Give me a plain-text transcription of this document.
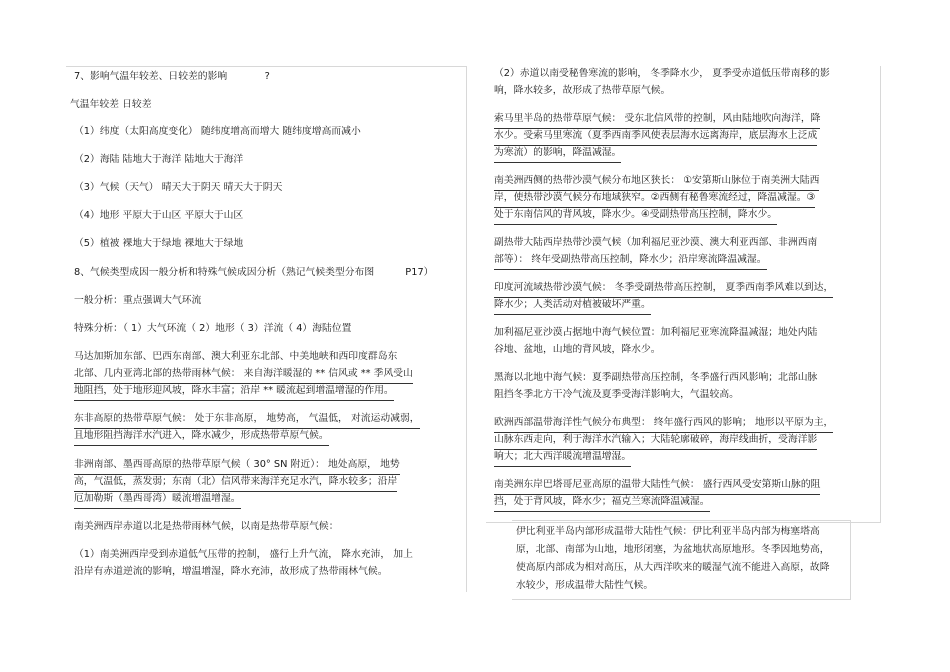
7、影响气温年较差、日较差的影响	?
气温年较差 日较差
（1）纬度（太阳高度变化） 随纬度增高而增大 随纬度增高而减小
（2）海陆 陆地大于海洋 陆地大于海洋
（3）气候（天气） 晴天大于阴天 晴天大于阴天
（4）地形 平原大于山区 平原大于山区
（5）植被 裸地大于绿地 裸地大于绿地
8、气候类型成因一般分析和特殊气候成因分析（熟记气候类型分布图	P17）
一般分析：重点强调大气环流
特殊分析：（ 1）大气环流（ 2）地形（ 3）洋流（ 4）海陆位置
马达加斯加东部、巴西东南部、澳大利亚东北部、中美地峡和西印度群岛东
北部、几内亚湾北部的热带雨林气候： 来自海洋暖湿的 ** 信风或 ** 季风受山
地阻挡，处于地形迎风坡，降水丰富；沿岸 ** 暖流起到增温增湿的作用。
东非高原的热带草原气候： 处于东非高原， 地势高， 气温低， 对流运动减弱，
且地形阻挡海洋水汽进入，降水减少，形成热带草原气候。
非洲南部、墨西哥高原的热带草原气候（ 30° SN 附近）： 地处高原， 地势
高，气温低，蒸发弱；东南（北）信风带来海洋充足水汽，降水较多；沿岸
厄加勒斯（墨西哥湾）暖流增温增湿。
南美洲西岸赤道以北是热带雨林气候，以南是热带草原气候：
（1）南美洲西岸受到赤道低气压带的控制， 盛行上升气流， 降水充沛， 加上
沿岸有赤道逆流的影响，增温增湿，降水充沛，故形成了热带雨林气候。
（2）赤道以南受秘鲁寒流的影响， 冬季降水少， 夏季受赤道低压带南移的影
响，降水较多，故形成了热带草原气候。
索马里半岛的热带草原气候： 受东北信风带的控制，风由陆地吹向海洋，降
水少。受索马里寒流（夏季西南季风使表层海水远离海岸，底层海水上泛成
为寒流）的影响，降温减湿。
南美洲西侧的热带沙漠气候分布地区狭长： ①安第斯山脉位于南美洲大陆西
岸，使热带沙漠气候分布地域狭窄。②西侧有秘鲁寒流经过，降温减湿。③
处于东南信风的背风坡，降水少。④受副热带高压控制，降水少。
副热带大陆西岸热带沙漠气候（加利福尼亚沙漠、澳大利亚西部、非洲西南
部等）： 终年受副热带高压控制，降水少；沿岸寒流降温减湿。
印度河流域热带沙漠气候： 冬季受副热带高压控制， 夏季西南季风难以到达，
降水少；人类活动对植被破坏严重。
加利福尼亚沙漠占据地中海气候位置：加利福尼亚寒流降温减湿；地处内陆
谷地、盆地，山地的背风坡，降水少。
黑海以北地中海气候：夏季副热带高压控制，冬季盛行西风影响；北部山脉
阻挡冬季北方干冷气流及夏季受海洋影响大，气温较高。
欧洲西部温带海洋性气候分布典型： 终年盛行西风的影响； 地形以平原为主，
山脉东西走向，利于海洋水汽输入；大陆轮廓破碎，海岸线曲折，受海洋影
响大；北大西洋暖流增温增湿。
南美洲东岸巴塔哥尼亚高原的温带大陆性气候： 盛行西风受安第斯山脉的阻
挡，处于背风坡，降水少；福克兰寒流降温减湿。
伊比利亚半岛内部形成温带大陆性气候：伊比利亚半岛内部为梅塞塔高
原，北部、南部为山地，地形闭塞，为盆地状高原地形。冬季因地势高，
使高原内部成为相对高压，从大西洋吹来的暖湿气流不能进入高原，故降
水较少，形成温带大陆性气候。
